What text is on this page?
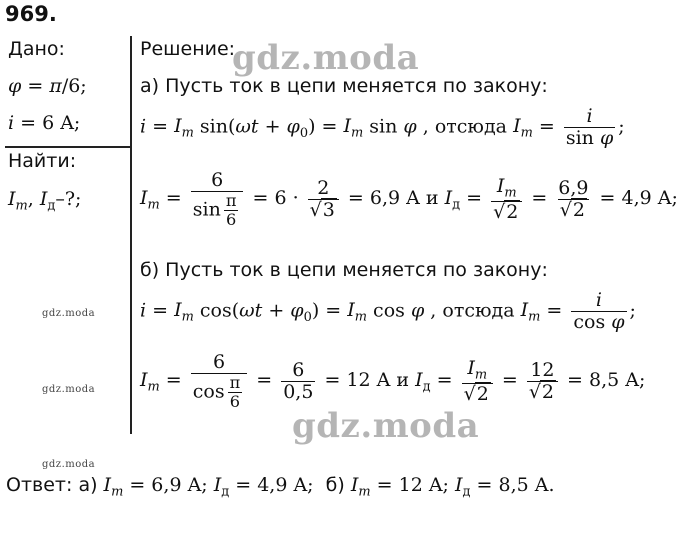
969.
Дано:
φ = π/6;
i = 6 A;
Найти:
$I_m$, $I_д-$?;
Решение:
а) Пусть ток в цепи меняется по закону:
$i = I_m$ $\sin(\omega t + \varphi_0) = I_m$ sin φ , отсюда $I_m = \frac{i}{\text{sin φ}}$ ;
$I_m = \frac{6}{\sin \frac{\pi}{6}} = 6 \cdot \frac{2}{√3} = 6,9$ A и $I_д = \frac{I_m}{√2} = \frac{6,9}{√2} = 4,9$ A;
б) Пусть ток в цепи меняется по закону:
$i = I_m$ $\cos(\omega t + \varphi_0) = I_m$ cos φ , отсюда $I_m = \frac{i}{\text{cos φ}}$ ;
$I_m = \frac{6}{\cos \frac{\pi}{6}} = \frac{6}{0,5} = 12$ A и $I_д = \frac{I_m}{√2} = \frac{12}{√2} = 8,5$ A;
Ответ: а) $I_m = 6,9$ A; $I_д = 4,9$ A;  б) $I_m = 12$ A; $I_д = 8,5$ A.
gdz.moda
gdz.moda
gdz.moda
gdz.moda
gdz.moda
